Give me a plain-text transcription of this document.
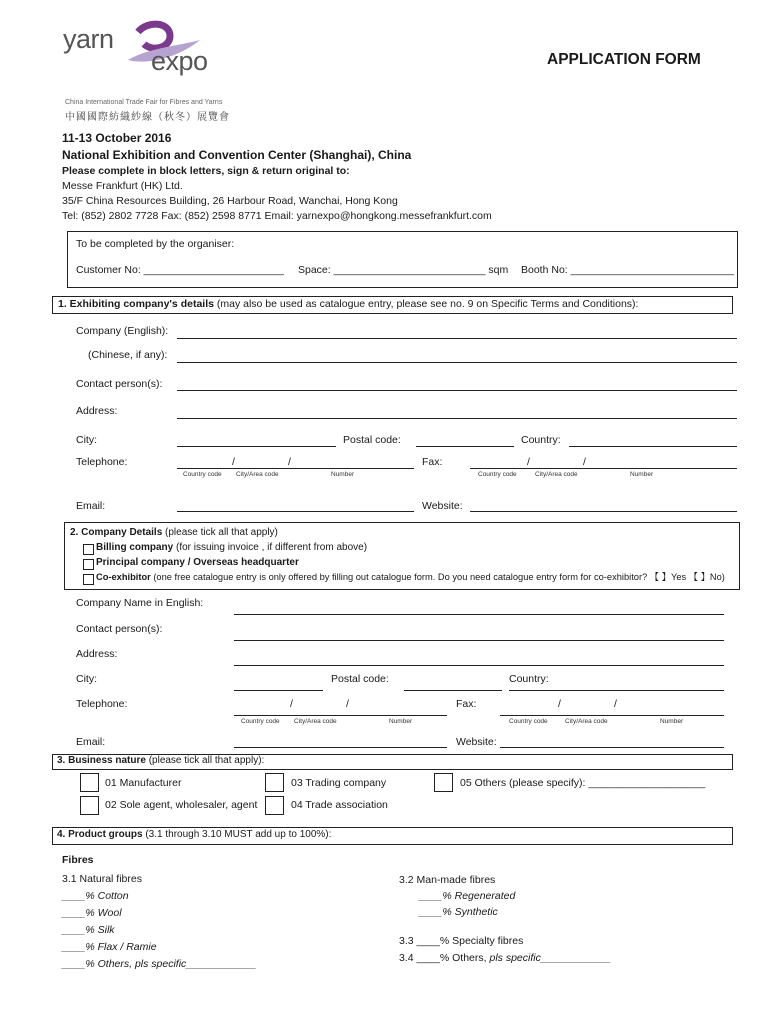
yarn
expo
China International Trade Fair for Fibres and Yarns
中國國際紡織紗線（秋冬）展覽會
APPLICATION FORM
11-13 October 2016
National Exhibition and Convention Center (Shanghai), China
Please complete in block letters, sign & return original to:
Messe Frankfurt (HK) Ltd.
35/F China Resources Building, 26 Harbour Road, Wanchai, Hong Kong
Tel: (852) 2802 7728 Fax: (852) 2598 8771 Email: yarnexpo@hongkong.messefrankfurt.com
To be completed by the organiser:
Customer No: ________________________ Space: __________________________ sqm Booth No: ____________________________
1. Exhibiting company's details (may also be used as catalogue entry, please see no. 9 on Specific Terms and Conditions):
Company (English):
(Chinese, if any):
Contact person(s):
Address:
City:	Postal code:	Country:
Telephone:	/	/
Country code City/Area code	Number
Fax:	/	/
Country code	City/Area code	Number
Email:	Website:
2. Company Details (please tick all that apply)
Billing company (for issuing invoice , if different from above)
Principal company / Overseas headquarter
Co-exhibitor (one free catalogue entry is only offered by filling out catalogue form. Do you need catalogue entry form for co-exhibitor? 【 】Yes 【 】No)
Company Name in English:
Contact person(s):
Address:
City:	Postal code:	Country:
Telephone:	/	/
Country code City/Area code	Number
Fax:	/	/
Country code	City/Area code	Number
Email:	Website:
3. Business nature (please tick all that apply):
01 Manufacturer
02 Sole agent, wholesaler, agent
03 Trading company
04 Trade association
05 Others (please specify): ____________________
4. Product groups (3.1 through 3.10 MUST add up to 100%):
Fibres
3.1 Natural fibres
____% Cotton
____% Wool
____% Silk
____% Flax / Ramie
____% Others, pls specific____________
3.2 Man-made fibres
____% Regenerated
____% Synthetic
3.3 ____% Specialty fibres
3.4 ____% Others, pls specific____________
